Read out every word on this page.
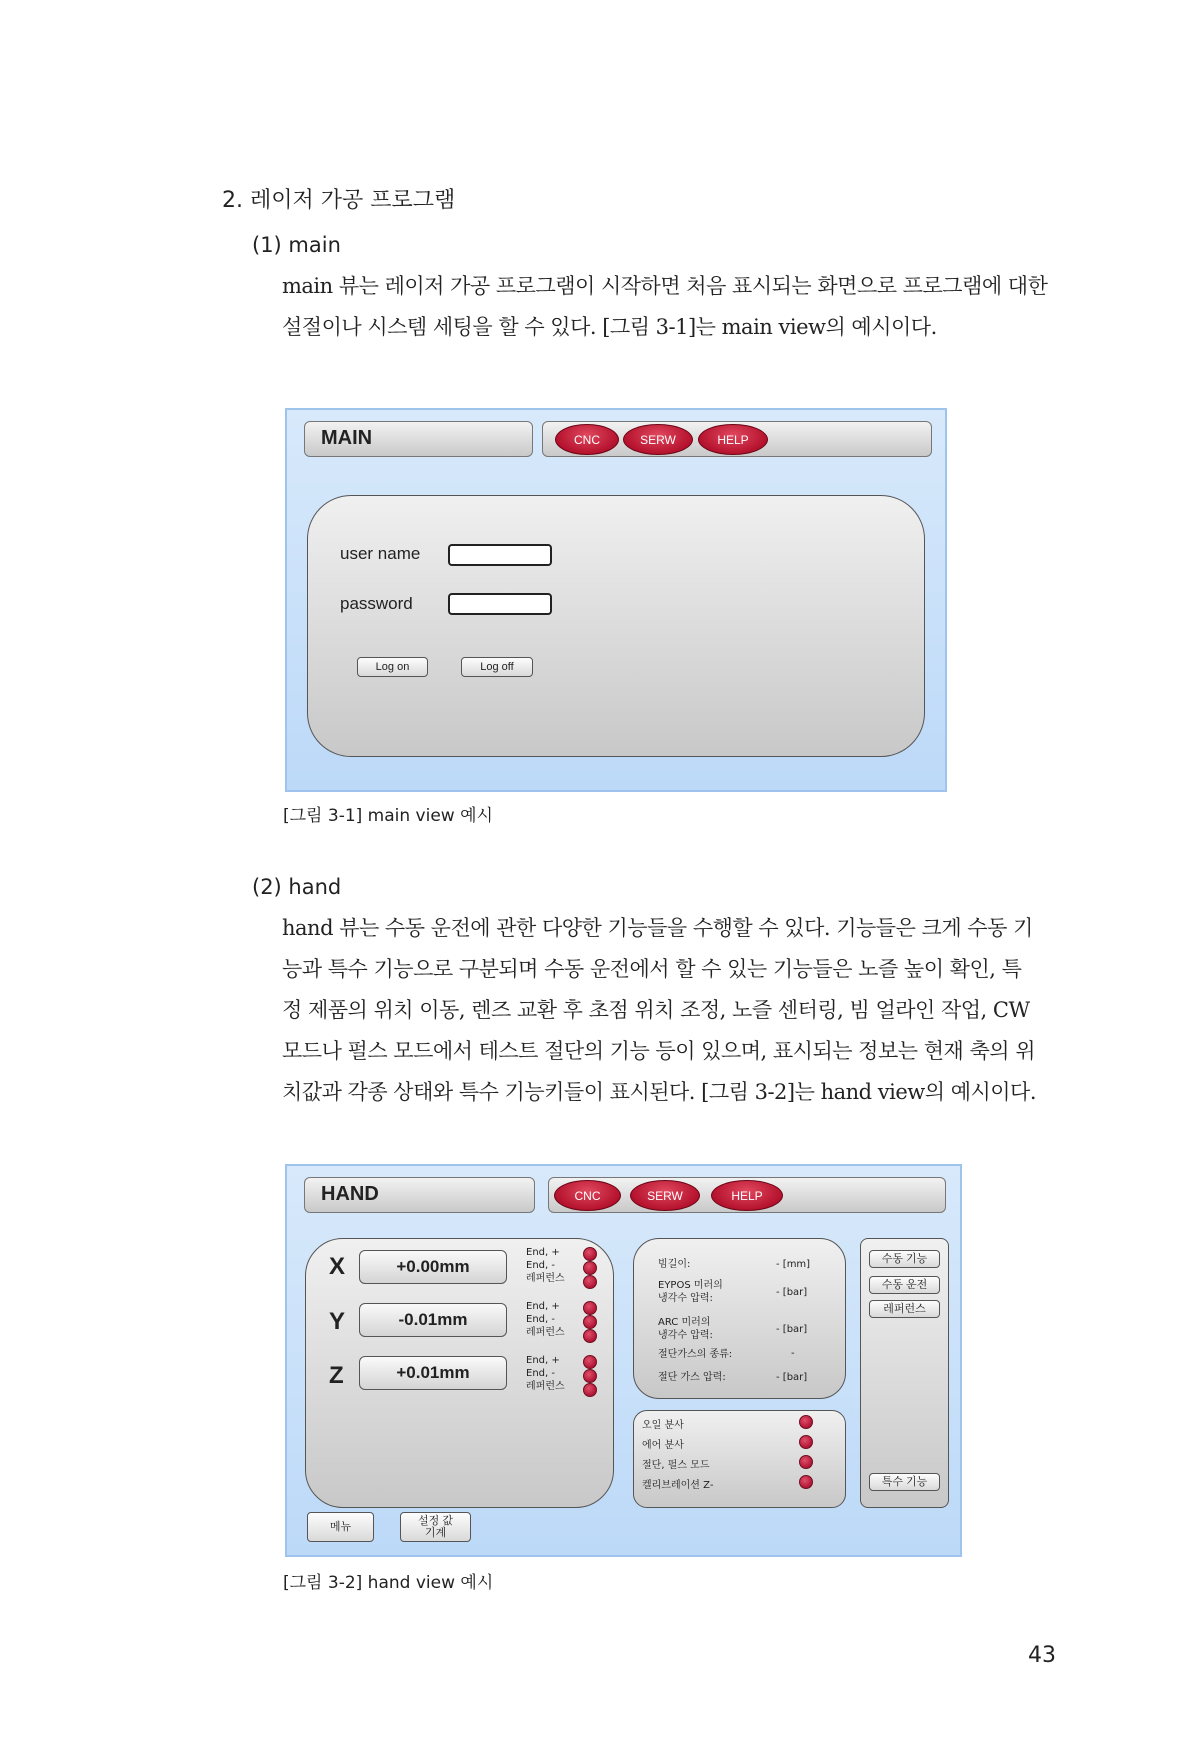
2. 레이저 가공 프로그램
(1) main

main 뷰는 레이저 가공 프로그램이 시작하면 처음 표시되는 화면으로 프로그램에 대한

설절이나 시스템 세팅을 할 수 있다. [그림 3-1]는 main view의 예시이다.

MAIN	CNC	SERW	HELP
user name
password
Log on	Log off
[그림 3-1] main view 예시
(2) hand

hand 뷰는 수동 운전에 관한 다양한 기능들을 수행할 수 있다. 기능들은 크게 수동 기

능과 특수 기능으로 구분되며 수동 운전에서 할 수 있는 기능들은 노즐 높이 확인, 특

정 제품의 위치 이동, 렌즈 교환 후 초점 위치 조정, 노즐 센터링, 빔 얼라인 작업, CW

모드나 펄스 모드에서 테스트 절단의 기능 등이 있으며, 표시되는 정보는 현재 축의 위

치값과 각종 상태와 특수 기능키들이 표시된다. [그림 3-2]는 hand view의 예시이다.

HAND	CNC	SERW	HELP
X	+0.00mm
End, +
End, -
레퍼런스
Y	-0.01mm
End, +
End, -
레퍼런스
Z	+0.01mm
End, +
End, -
레퍼런스
빔길이:	- [mm]
EYPOS 미러의
냉각수 압력:
- [bar]
ARC 미러의
냉각수 압력:
- [bar]
절단가스의 종류:	-
절단 가스 압력:	- [bar]
오일 분사
에어 분사
절단, 펄스 모드
켈리브레이션 Z-
수동 기능
수동 운전
레퍼런스
특수 기능
메뉴	설정 값
기계
[그림 3-2] hand view 예시
43
